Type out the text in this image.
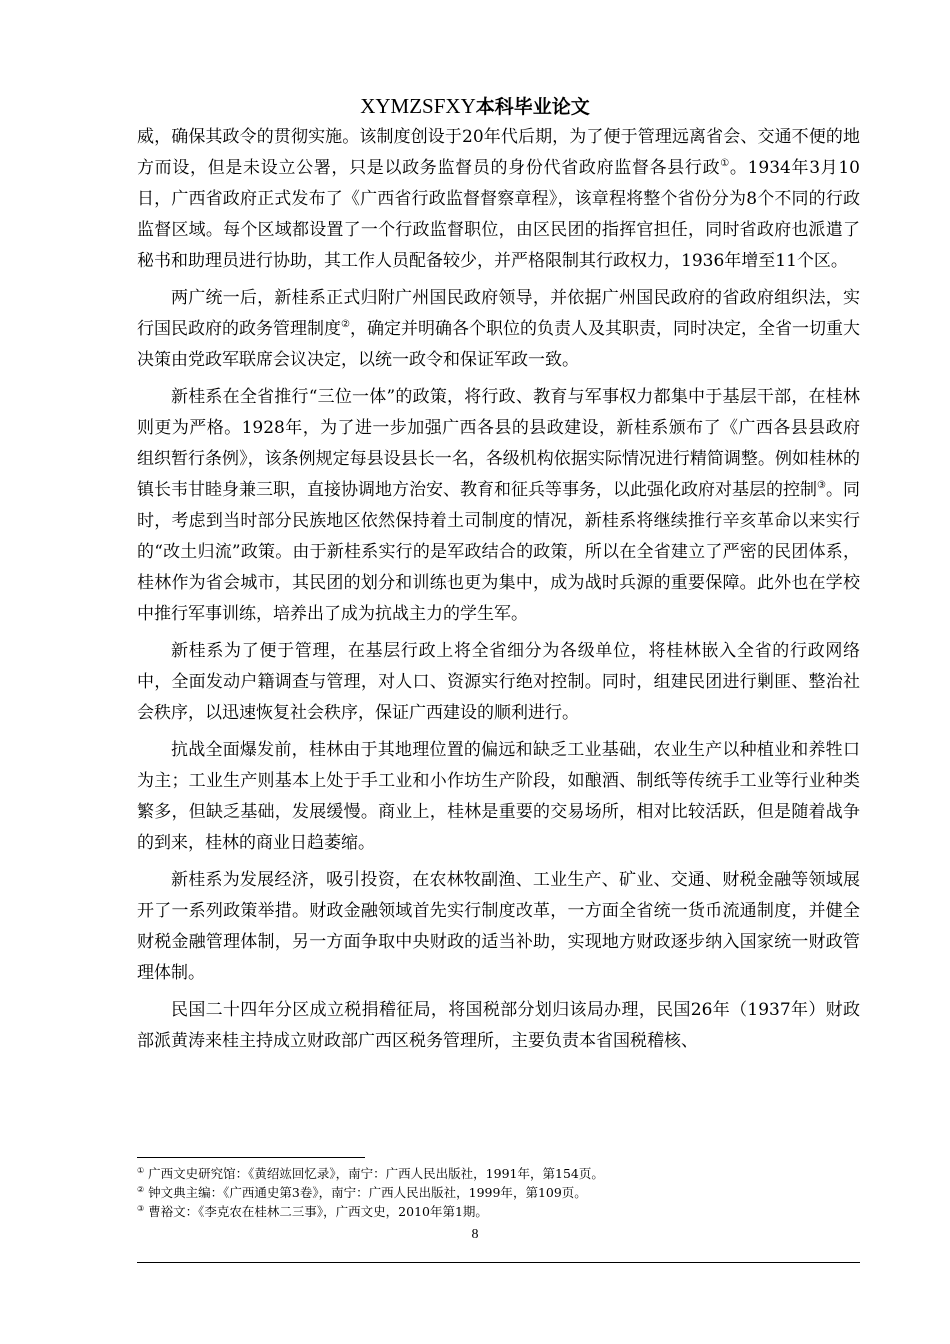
XYMZSFXY本科毕业论文

威，确保其政令的贯彻实施。该制度创设于20年代后期，为了便于管理远离省会、交通不便的地方而设，但是未设立公署，只是以政务监督员的身份代省政府监督各县行政①。1934年3月10日，广西省政府正式发布了《广西省行政监督督察章程》，该章程将整个省份分为8个不同的行政监督区域。每个区域都设置了一个行政监督职位，由区民团的指挥官担任，同时省政府也派遣了秘书和助理员进行协助，其工作人员配备较少，并严格限制其行政权力，1936年增至11个区。

两广统一后，新桂系正式归附广州国民政府领导，并依据广州国民政府的省政府组织法，实行国民政府的政务管理制度②，确定并明确各个职位的负责人及其职责，同时决定，全省一切重大决策由党政军联席会议决定，以统一政令和保证军政一致。

新桂系在全省推行“三位一体”的政策，将行政、教育与军事权力都集中于基层干部，在桂林则更为严格。1928年，为了进一步加强广西各县的县政建设，新桂系颁布了《广西各县县政府组织暂行条例》，该条例规定每县设县长一名，各级机构依据实际情况进行精简调整。例如桂林的镇长韦甘睦身兼三职，直接协调地方治安、教育和征兵等事务，以此强化政府对基层的控制③。同时，考虑到当时部分民族地区依然保持着土司制度的情况，新桂系将继续推行辛亥革命以来实行的“改土归流”政策。由于新桂系实行的是军政结合的政策，所以在全省建立了严密的民团体系，桂林作为省会城市，其民团的划分和训练也更为集中，成为战时兵源的重要保障。此外也在学校中推行军事训练，培养出了成为抗战主力的学生军。

新桂系为了便于管理，在基层行政上将全省细分为各级单位，将桂林嵌入全省的行政网络中，全面发动户籍调查与管理，对人口、资源实行绝对控制。同时，组建民团进行剿匪、整治社会秩序，以迅速恢复社会秩序，保证广西建设的顺利进行。

抗战全面爆发前，桂林由于其地理位置的偏远和缺乏工业基础，农业生产以种植业和养牲口为主；工业生产则基本上处于手工业和小作坊生产阶段，如酿酒、制纸等传统手工业等行业种类繁多，但缺乏基础，发展缓慢。商业上，桂林是重要的交易场所，相对比较活跃，但是随着战争的到来，桂林的商业日趋萎缩。

新桂系为发展经济，吸引投资，在农林牧副渔、工业生产、矿业、交通、财税金融等领域展开了一系列政策举措。财政金融领域首先实行制度改革，一方面全省统一货币流通制度，并健全财税金融管理体制，另一方面争取中央财政的适当补助，实现地方财政逐步纳入国家统一财政管理体制。

民国二十四年分区成立税捐稽征局，将国税部分划归该局办理，民国26年（1937年）财政部派黄涛来桂主持成立财政部广西区税务管理所，主要负责本省国税稽核、

① 广西文史研究馆：《黄绍竑回忆录》，南宁：广西人民出版社，1991年，第154页。
② 钟文典主编：《广西通史第3卷》，南宁：广西人民出版社，1999年，第109页。
③ 曹裕文：《李克农在桂林二三事》，广西文史，2010年第1期。
8
